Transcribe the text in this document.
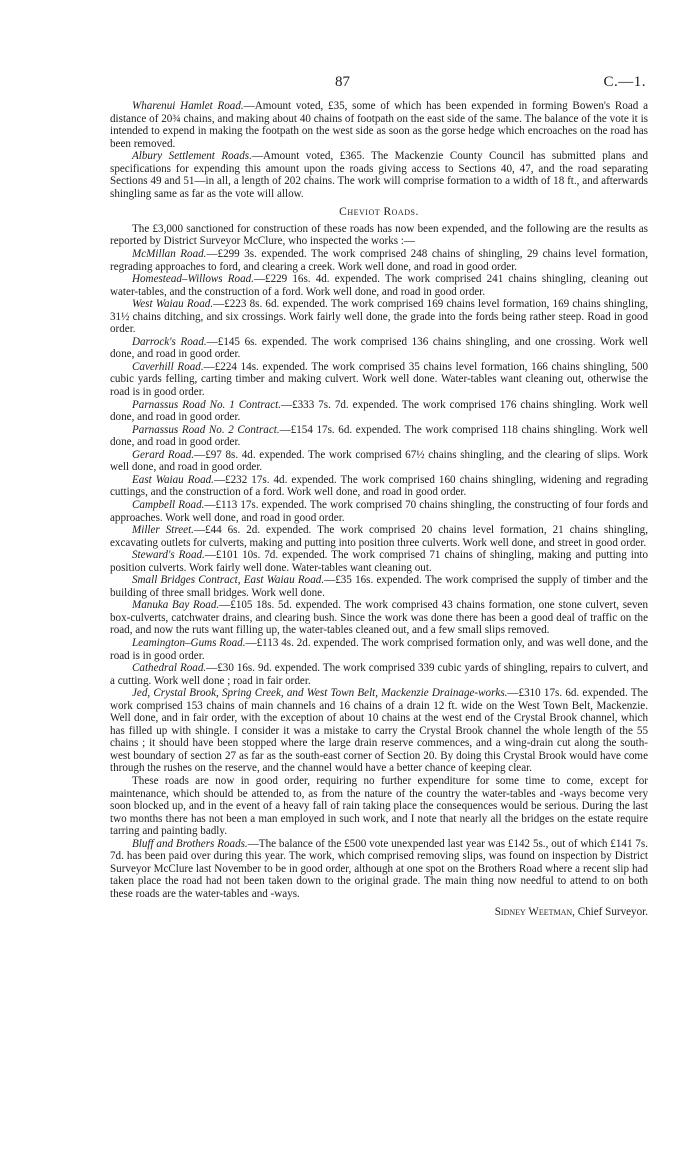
87	C.—1.

Wharenui Hamlet Road.—Amount voted, £35, some of which has been expended in forming Bowen's Road a distance of 20¾ chains, and making about 40 chains of footpath on the east side of the same. The balance of the vote it is intended to expend in making the footpath on the west side as soon as the gorse hedge which encroaches on the road has been removed.

Albury Settlement Roads.—Amount voted, £365. The Mackenzie County Council has submitted plans and specifications for expending this amount upon the roads giving access to Sections 40, 47, and the road separating Sections 49 and 51—in all, a length of 202 chains. The work will comprise formation to a width of 18 ft., and afterwards shingling same as far as the vote will allow.

Cheviot Roads.

The £3,000 sanctioned for construction of these roads has now been expended, and the following are the results as reported by District Surveyor McClure, who inspected the works :—

McMillan Road.—£299 3s. expended. The work comprised 248 chains of shingling, 29 chains level formation, regrading approaches to ford, and clearing a creek. Work well done, and road in good order.

Homestead–Willows Road.—£229 16s. 4d. expended. The work comprised 241 chains shingling, cleaning out water-tables, and the construction of a ford. Work well done, and road in good order.

West Waiau Road.—£223 8s. 6d. expended. The work comprised 169 chains level formation, 169 chains shingling, 31½ chains ditching, and six crossings. Work fairly well done, the grade into the fords being rather steep. Road in good order.

Darrock's Road.—£145 6s. expended. The work comprised 136 chains shingling, and one crossing. Work well done, and road in good order.

Caverhill Road.—£224 14s. expended. The work comprised 35 chains level formation, 166 chains shingling, 500 cubic yards felling, carting timber and making culvert. Work well done. Water-tables want cleaning out, otherwise the road is in good order.

Parnassus Road No. 1 Contract.—£333 7s. 7d. expended. The work comprised 176 chains shingling. Work well done, and road in good order.

Parnassus Road No. 2 Contract.—£154 17s. 6d. expended. The work comprised 118 chains shingling. Work well done, and road in good order.

Gerard Road.—£97 8s. 4d. expended. The work comprised 67½ chains shingling, and the clearing of slips. Work well done, and road in good order.

East Waiau Road.—£232 17s. 4d. expended. The work comprised 160 chains shingling, widening and regrading cuttings, and the construction of a ford. Work well done, and road in good order.

Campbell Road.—£113 17s. expended. The work comprised 70 chains shingling, the constructing of four fords and approaches. Work well done, and road in good order.

Miller Street.—£44 6s. 2d. expended. The work comprised 20 chains level formation, 21 chains shingling, excavating outlets for culverts, making and putting into position three culverts. Work well done, and street in good order.

Steward's Road.—£101 10s. 7d. expended. The work comprised 71 chains of shingling, making and putting into position culverts. Work fairly well done. Water-tables want cleaning out.

Small Bridges Contract, East Waiau Road.—£35 16s. expended. The work comprised the supply of timber and the building of three small bridges. Work well done.

Manuka Bay Road.—£105 18s. 5d. expended. The work comprised 43 chains formation, one stone culvert, seven box-culverts, catchwater drains, and clearing bush. Since the work was done there has been a good deal of traffic on the road, and now the ruts want filling up, the water-tables cleaned out, and a few small slips removed.

Leamington–Gums Road.—£113 4s. 2d. expended. The work comprised formation only, and was well done, and the road is in good order.

Cathedral Road.—£30 16s. 9d. expended. The work comprised 339 cubic yards of shingling, repairs to culvert, and a cutting. Work well done ; road in fair order.

Jed, Crystal Brook, Spring Creek, and West Town Belt, Mackenzie Drainage-works.—£310 17s. 6d. expended. The work comprised 153 chains of main channels and 16 chains of a drain 12 ft. wide on the West Town Belt, Mackenzie. Well done, and in fair order, with the exception of about 10 chains at the west end of the Crystal Brook channel, which has filled up with shingle. I consider it was a mistake to carry the Crystal Brook channel the whole length of the 55 chains ; it should have been stopped where the large drain reserve commences, and a wing-drain cut along the south-west boundary of section 27 as far as the south-east corner of Section 20. By doing this Crystal Brook would have come through the rushes on the reserve, and the channel would have a better chance of keeping clear.

These roads are now in good order, requiring no further expenditure for some time to come, except for maintenance, which should be attended to, as from the nature of the country the water-tables and -ways become very soon blocked up, and in the event of a heavy fall of rain taking place the consequences would be serious. During the last two months there has not been a man employed in such work, and I note that nearly all the bridges on the estate require tarring and painting badly.

Bluff and Brothers Roads.—The balance of the £500 vote unexpended last year was £142 5s., out of which £141 7s. 7d. has been paid over during this year. The work, which comprised removing slips, was found on inspection by District Surveyor McClure last November to be in good order, although at one spot on the Brothers Road where a recent slip had taken place the road had not been taken down to the original grade. The main thing now needful to attend to on both these roads are the water-tables and -ways.

Sidney Weetman, Chief Surveyor.
